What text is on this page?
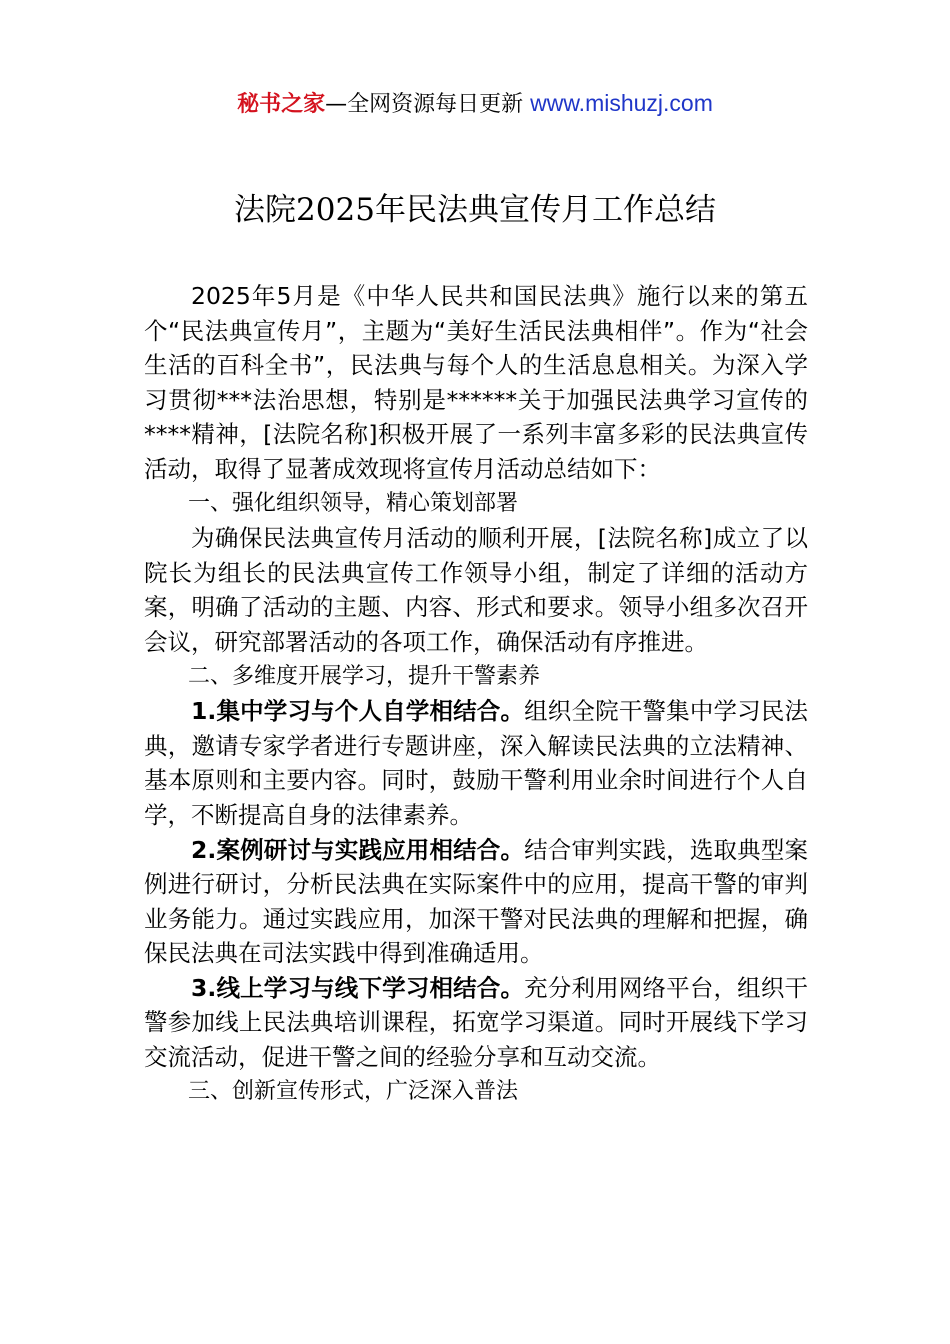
秘书之家—全网资源每日更新 www.mishuzj.com
法院2025年民法典宣传月工作总结

2025年5月是《中华人民共和国民法典》施行以来的第五个“民法典宣传月”，主题为“美好生活民法典相伴”。作为“社会生活的百科全书”，民法典与每个人的生活息息相关。为深入学习贯彻***法治思想，特别是******关于加强民法典学习宣传的****精神，[法院名称]积极开展了一系列丰富多彩的民法典宣传活动，取得了显著成效现将宣传月活动总结如下：

一、强化组织领导，精心策划部署

为确保民法典宣传月活动的顺利开展，[法院名称]成立了以院长为组长的民法典宣传工作领导小组，制定了详细的活动方案，明确了活动的主题、内容、形式和要求。领导小组多次召开会议，研究部署活动的各项工作，确保活动有序推进。

二、多维度开展学习，提升干警素养

1.集中学习与个人自学相结合。组织全院干警集中学习民法典，邀请专家学者进行专题讲座，深入解读民法典的立法精神、基本原则和主要内容。同时，鼓励干警利用业余时间进行个人自学，不断提高自身的法律素养。

2.案例研讨与实践应用相结合。结合审判实践，选取典型案例进行研讨，分析民法典在实际案件中的应用，提高干警的审判业务能力。通过实践应用，加深干警对民法典的理解和把握，确保民法典在司法实践中得到准确适用。

3.线上学习与线下学习相结合。充分利用网络平台，组织干警参加线上民法典培训课程，拓宽学习渠道。同时开展线下学习交流活动，促进干警之间的经验分享和互动交流。

三、创新宣传形式，广泛深入普法
